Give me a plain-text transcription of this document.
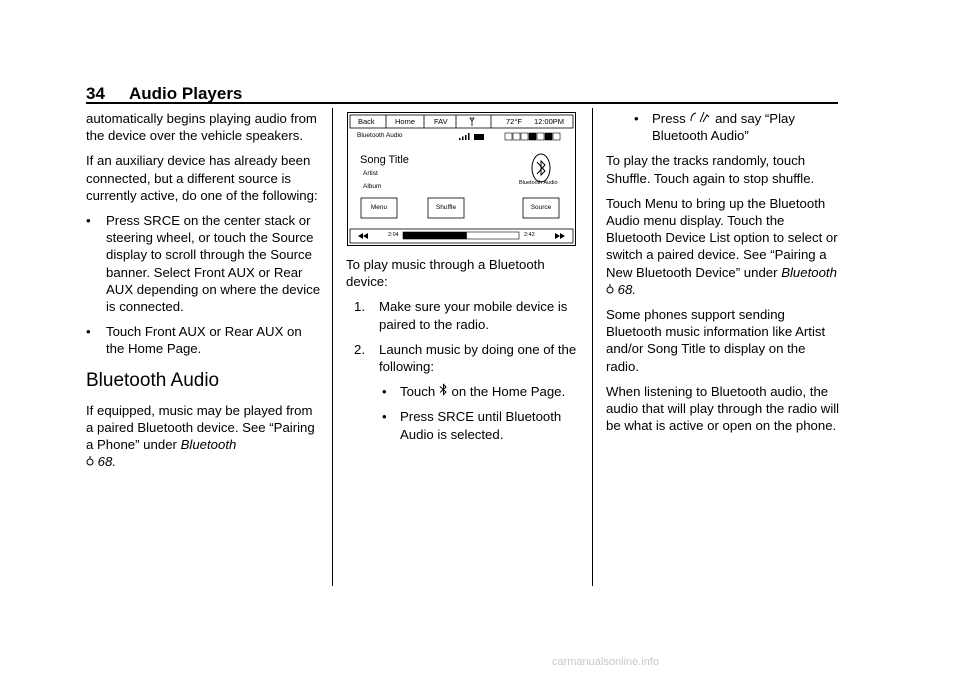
34 Audio Players

automatically begins playing audio from the device over the vehicle speakers.

If an auxiliary device has already been connected, but a different source is currently active, do one of the following:

•	Press SRCE on the center stack or steering wheel, or touch the Source display to scroll through the Source banner. Select Front AUX or Rear AUX depending on where the device is connected.
•	Touch Front AUX or Rear AUX on the Home Page.
Bluetooth Audio

If equipped, music may be played from a paired Bluetooth device. See “Pairing a Phone” under Bluetooth
68.

Back	Home	FAV	72°F 12:00PM
Bluetooth Audio
Song Title
Artist
Album	Bluetooth Audio
Menu	Shuffle	Source
2:04	2:42

To play music through a Bluetooth device:

1.	Make sure your mobile device is paired to the radio.
2.	Launch music by doing one of the following:
•	Touch on the Home Page.
•	Press SRCE until Bluetooth Audio is selected.
•	Press and say “Play Bluetooth Audio”

To play the tracks randomly, touch Shuffle. Touch again to stop shuffle.

Touch Menu to bring up the Bluetooth Audio menu display. Touch the Bluetooth Device List option to select or switch a paired device. See “Pairing a New Bluetooth Device” under Bluetooth
68.

Some phones support sending Bluetooth music information like Artist and/or Song Title to display on the radio.

When listening to Bluetooth audio, the audio that will play through the radio will be what is active or open on the phone.

carmanualsonline.info
